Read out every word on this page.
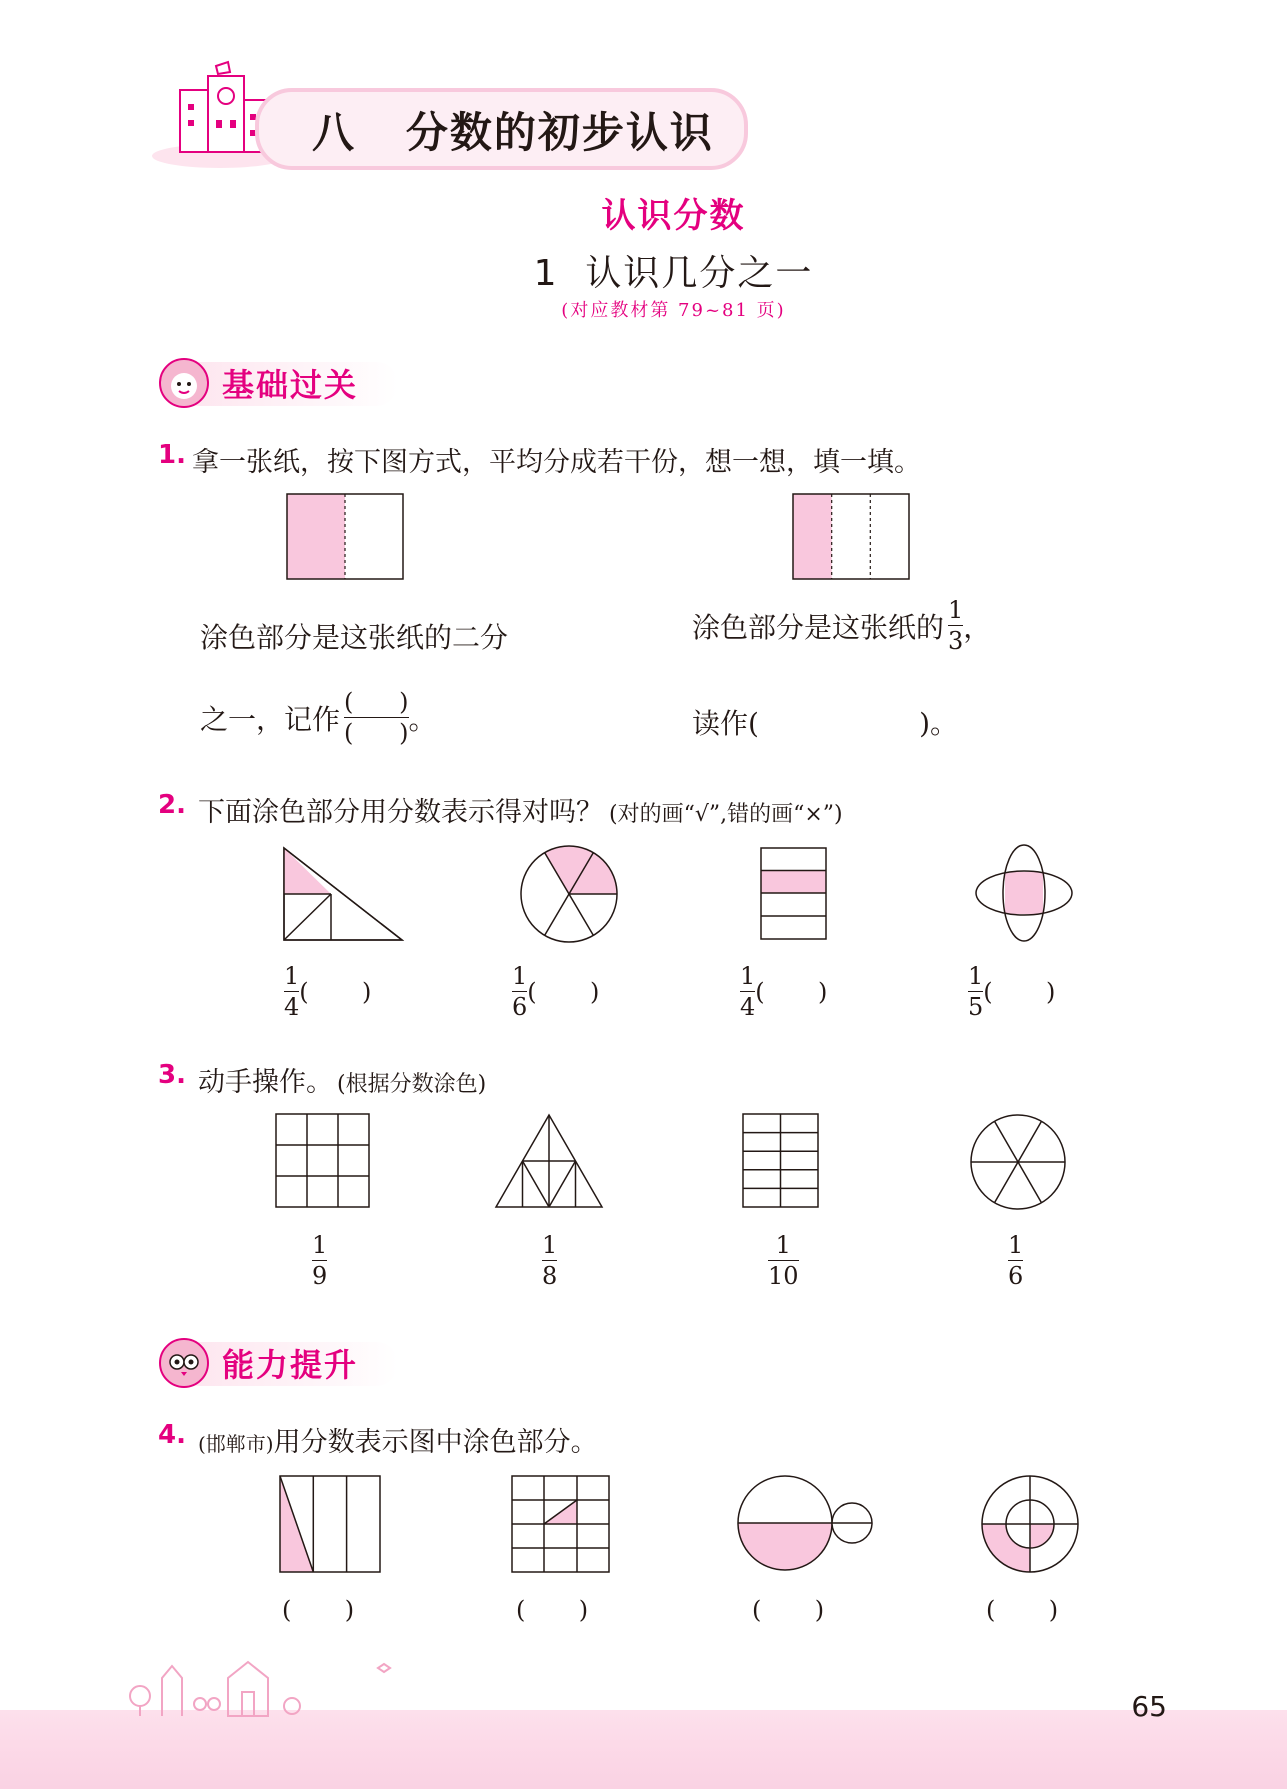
八   分数的初步认识
认识分数
1  认识几分之一
(对应教材第 79~81 页)
基础过关
1. 拿一张纸，按下图方式，平均分成若干份，想一想，填一填。
涂色部分是这张纸的二分
之一，记作 $\frac{( )}{( )}$ 。
涂色部分是这张纸的 $\frac{1}{3}$ ，
读作(                  )。
2. 下面涂色部分用分数表示得对吗？ (对的画“√”,错的画“×”)
$\frac{1}{4}$ (       )	$\frac{1}{6}$ (       )	$\frac{1}{4}$ (       )	$\frac{1}{5}$ (       )
3. 动手操作。 (根据分数涂色)
1
9
1
8
1
10
1
6
能力提升
4. (邯郸市) 用分数表示图中涂色部分。
(       )	(       )	(       )	(       )
65
